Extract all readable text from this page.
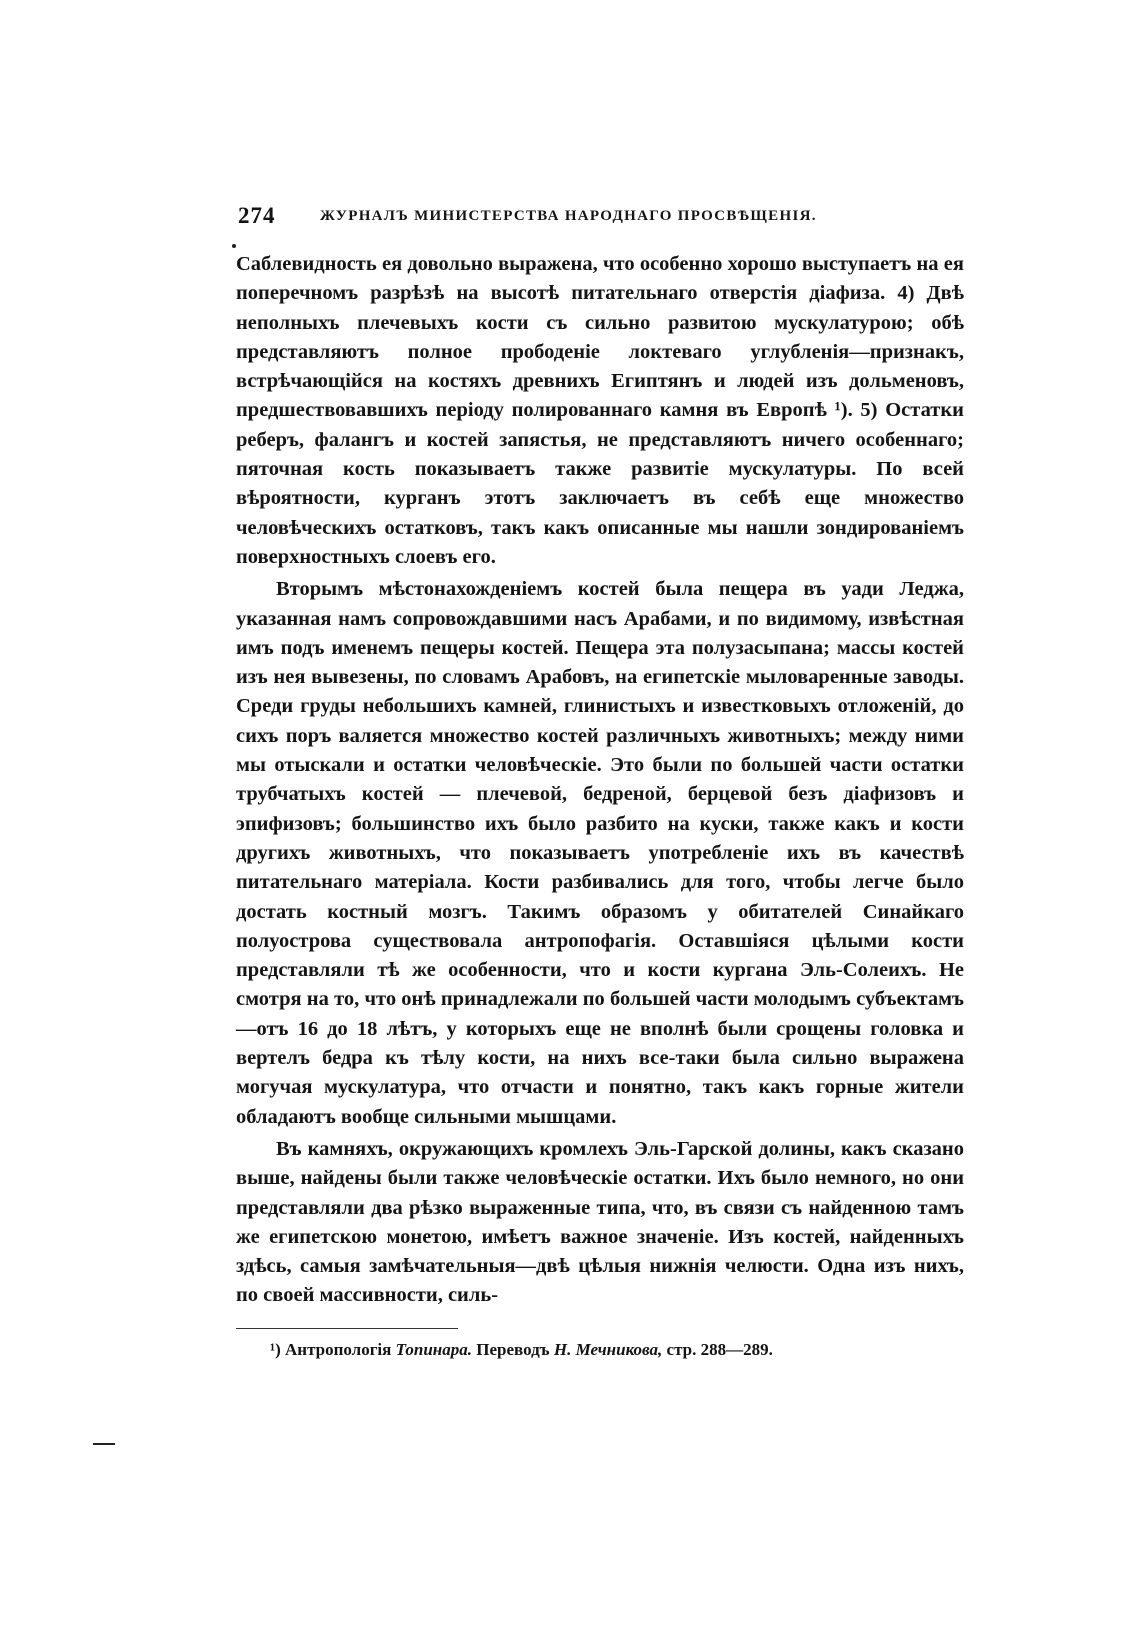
274	ЖУРНАЛЪ МИНИСТЕРСТВА НАРОДНАГО ПРОСВѢЩЕНІЯ.

Саблевидность ея довольно выражена, что особенно хорошо выступаетъ на ея поперечномъ разрѣзѣ на высотѣ питательнаго отверстія діафиза. 4) Двѣ неполныхъ плечевыхъ кости съ сильно развитою мускулатурою; обѣ представляютъ полное прободеніе локтеваго углубленія—признакъ, встрѣчающійся на костяхъ древнихъ Египтянъ и людей изъ дольменовъ, предшествовавшихъ періоду полированнаго камня въ Европѣ ¹). 5) Остатки реберъ, фалангъ и костей запястья, не представляютъ ничего особеннаго; пяточная кость показываетъ также развитіе мускулатуры. По всей вѣроятности, курганъ этотъ заключаетъ въ себѣ еще множество человѣческихъ остатковъ, такъ какъ описанные мы нашли зондированіемъ поверхностныхъ слоевъ его.

Вторымъ мѣстонахожденіемъ костей была пещера въ уади Леджа, указанная намъ сопровождавшими насъ Арабами, и по видимому, извѣстная имъ подъ именемъ пещеры костей. Пещера эта полузасыпана; массы костей изъ нея вывезены, по словамъ Арабовъ, на египетскіе мыловаренные заводы. Среди груды небольшихъ камней, глинистыхъ и известковыхъ отложеній, до сихъ поръ валяется множество костей различныхъ животныхъ; между ними мы отыскали и остатки человѣческіе. Это были по большей части остатки трубчатыхъ костей — плечевой, бедреной, берцевой безъ діафизовъ и эпифизовъ; большинство ихъ было разбито на куски, также какъ и кости другихъ животныхъ, что показываетъ употребленіе ихъ въ качествѣ питательнаго матеріала. Кости разбивались для того, чтобы легче было достать костный мозгъ. Такимъ образомъ у обитателей Синайкаго полуострова существовала антропофагія. Оставшіяся цѣлыми кости представляли тѣ же особенности, что и кости кургана Эль-Солеихъ. Не смотря на то, что онѣ принадлежали по большей части молодымъ субъектамъ—отъ 16 до 18 лѣтъ, у которыхъ еще не вполнѣ были срощены головка и вертелъ бедра къ тѣлу кости, на нихъ все-таки была сильно выражена могучая мускулатура, что отчасти и понятно, такъ какъ горные жители обладаютъ вообще сильными мышцами.

Въ камняхъ, окружающихъ кромлехъ Эль-Гарской долины, какъ сказано выше, найдены были также человѣческіе остатки. Ихъ было немного, но они представляли два рѣзко выраженные типа, что, въ связи съ найденною тамъ же египетскою монетою, имѣетъ важное значеніе. Изъ костей, найденныхъ здѣсь, самыя замѣчательныя—двѣ цѣлыя нижнія челюсти. Одна изъ нихъ, по своей массивности, силь-

¹) Антропологія Топинара. Переводъ Н. Мечникова, стр. 288—289.
